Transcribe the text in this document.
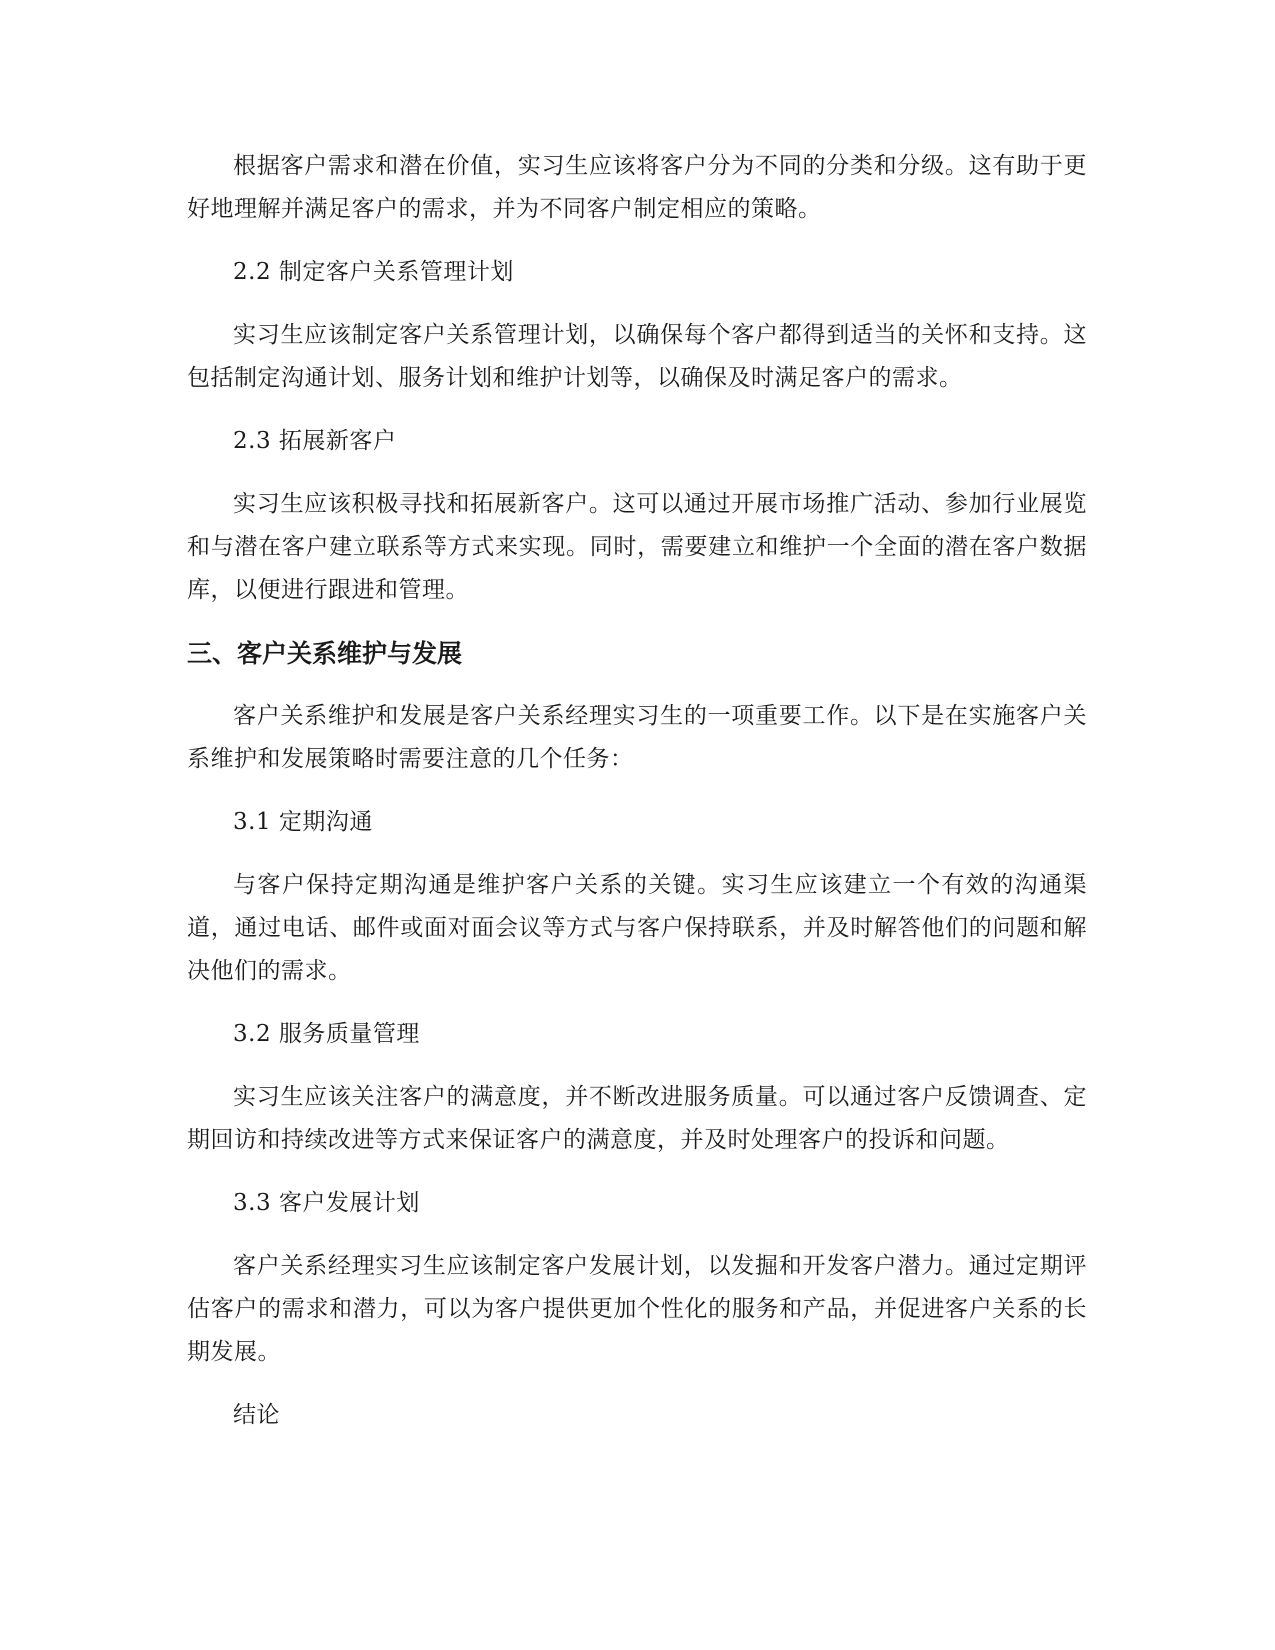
根据客户需求和潜在价值，实习生应该将客户分为不同的分类和分级。这有助于更好地理解并满足客户的需求，并为不同客户制定相应的策略。

2.2 制定客户关系管理计划

实习生应该制定客户关系管理计划，以确保每个客户都得到适当的关怀和支持。这包括制定沟通计划、服务计划和维护计划等，以确保及时满足客户的需求。

2.3 拓展新客户

实习生应该积极寻找和拓展新客户。这可以通过开展市场推广活动、参加行业展览和与潜在客户建立联系等方式来实现。同时，需要建立和维护一个全面的潜在客户数据库，以便进行跟进和管理。

三、客户关系维护与发展

客户关系维护和发展是客户关系经理实习生的一项重要工作。以下是在实施客户关系维护和发展策略时需要注意的几个任务：

3.1 定期沟通

与客户保持定期沟通是维护客户关系的关键。实习生应该建立一个有效的沟通渠道，通过电话、邮件或面对面会议等方式与客户保持联系，并及时解答他们的问题和解决他们的需求。

3.2 服务质量管理

实习生应该关注客户的满意度，并不断改进服务质量。可以通过客户反馈调查、定期回访和持续改进等方式来保证客户的满意度，并及时处理客户的投诉和问题。

3.3 客户发展计划

客户关系经理实习生应该制定客户发展计划，以发掘和开发客户潜力。通过定期评估客户的需求和潜力，可以为客户提供更加个性化的服务和产品，并促进客户关系的长期发展。

结论
